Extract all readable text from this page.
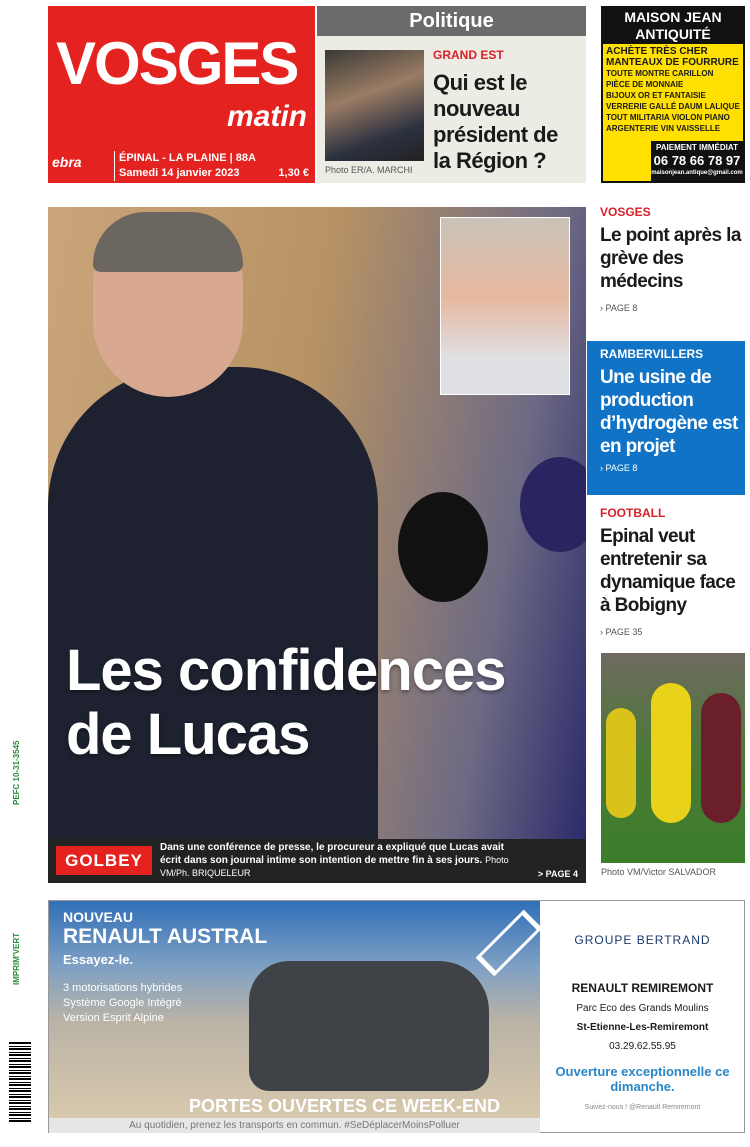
VOSGES
matin
ebra	ÉPINAL - LA PLAINE | 88A
Samedi 14 janvier 2023	1,30 €
Politique
Photo ER/A. MARCHI
GRAND EST
Qui est le nouveau président de la Région ?
MAISON JEAN ANTIQUITÉ
ACHÈTE TRÈS CHER
MANTEAUX DE FOURRURE
TOUTE MONTRE CARILLON
PIÈCE DE MONNAIE
BIJOUX OR ET FANTAISIE
VERRERIE GALLÉ DAUM LALIQUE
TOUT MILITARIA VIOLON PIANO
ARGENTERIE VIN VAISSELLE
PAIEMENT IMMÉDIAT
06 78 66 78 97
maisonjean.antique@gmail.com
Les confidences
de Lucas
GOLBEY
Dans une conférence de presse, le procureur a expliqué que Lucas avait écrit dans son journal intime son intention de mettre fin à ses jours. Photo VM/Ph. BRIQUELEUR	> PAGE 4
VOSGES
Le point après la grève des médecins
› PAGE 8
RAMBERVILLERS
Une usine de production d’hydrogène est en projet
› PAGE 8
FOOTBALL
Epinal veut entretenir sa dynamique face à Bobigny
› PAGE 35
Photo VM/Victor SALVADOR
NOUVEAU
RENAULT AUSTRAL
Essayez-le.
3 motorisations hybrides
Système Google Intégré
Version Esprit Alpine
PORTES OUVERTES CE WEEK-END
Au quotidien, prenez les transports en commun. #SeDéplacerMoinsPolluer
GROUPE BERTRAND
RENAULT REMIREMONT
Parc Eco des Grands Moulins
St-Etienne-Les-Remiremont
03.29.62.55.95
Ouverture exceptionnelle ce dimanche.
Suivez-nous ! @Renault Remiremont
PEFC 10-31-3545
IMPRIM'VERT
